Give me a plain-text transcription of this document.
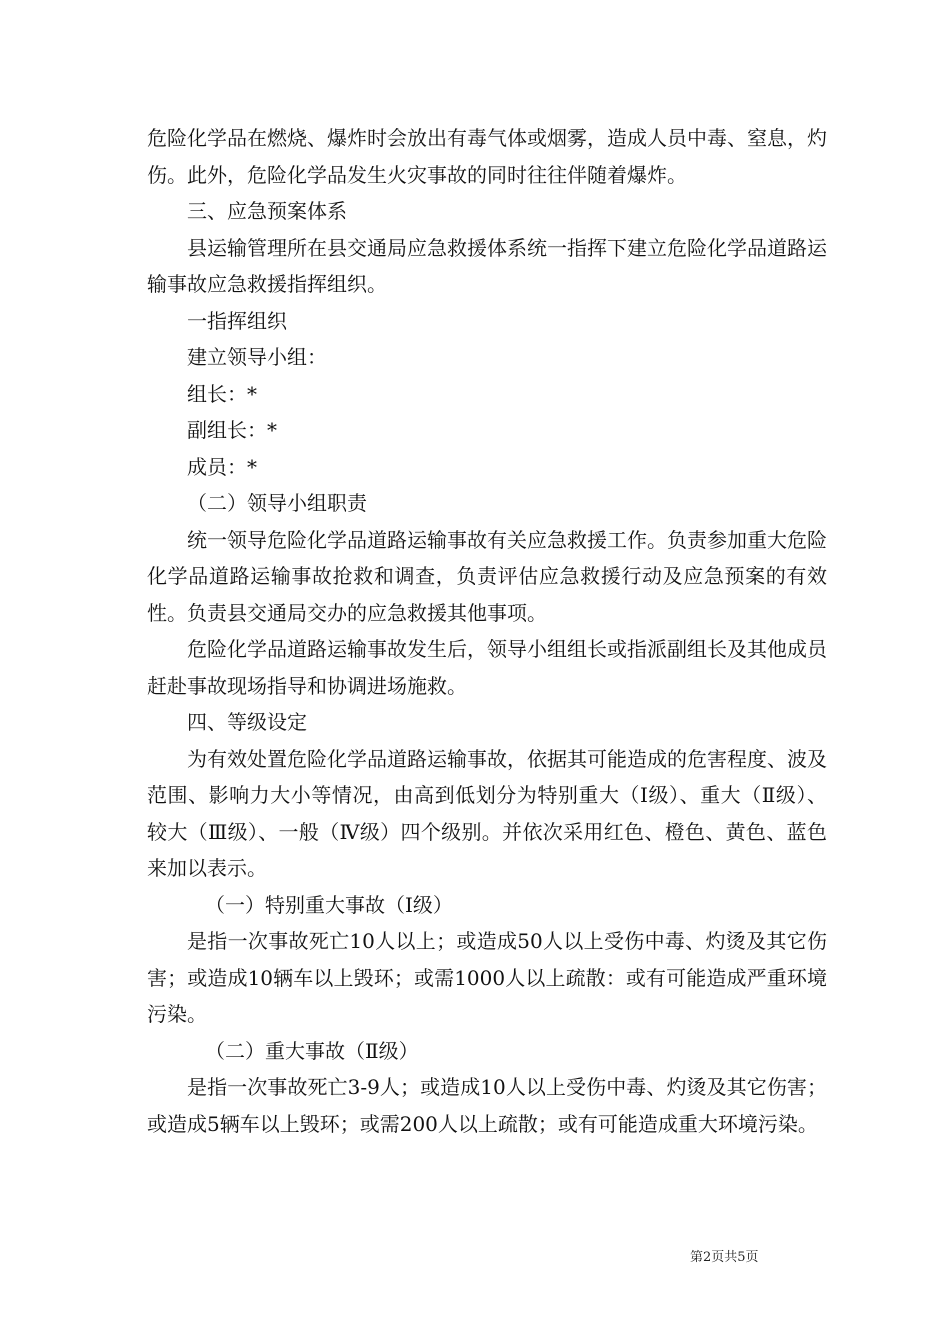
危险化学品在燃烧、爆炸时会放出有毒气体或烟雾，造成人员中毒、窒息，灼伤。此外，危险化学品发生火灾事故的同时往往伴随着爆炸。

三、应急预案体系

县运输管理所在县交通局应急救援体系统一指挥下建立危险化学品道路运输事故应急救援指挥组织。

一指挥组织

建立领导小组：

组长：*

副组长：*

成员：*

（二）领导小组职责

统一领导危险化学品道路运输事故有关应急救援工作。负责参加重大危险化学品道路运输事故抢救和调查，负责评估应急救援行动及应急预案的有效性。负责县交通局交办的应急救援其他事项。

危险化学品道路运输事故发生后，领导小组组长或指派副组长及其他成员赶赴事故现场指导和协调进场施救。

四、等级设定

为有效处置危险化学品道路运输事故，依据其可能造成的危害程度、波及范围、影响力大小等情况，由高到低划分为特别重大（Ⅰ级）、重大（Ⅱ级）、较大（Ⅲ级）、一般（Ⅳ级）四个级别。并依次采用红色、橙色、黄色、蓝色来加以表示。

（一）特别重大事故（Ⅰ级）

是指一次事故死亡10人以上；或造成50人以上受伤中毒、灼烫及其它伤害；或造成10辆车以上毁环；或需1000人以上疏散：或有可能造成严重环境污染。

（二）重大事故（Ⅱ级）

是指一次事故死亡3-9人；或造成10人以上受伤中毒、灼烫及其它伤害；或造成5辆车以上毁环；或需200人以上疏散；或有可能造成重大环境污染。

第2页共5页
